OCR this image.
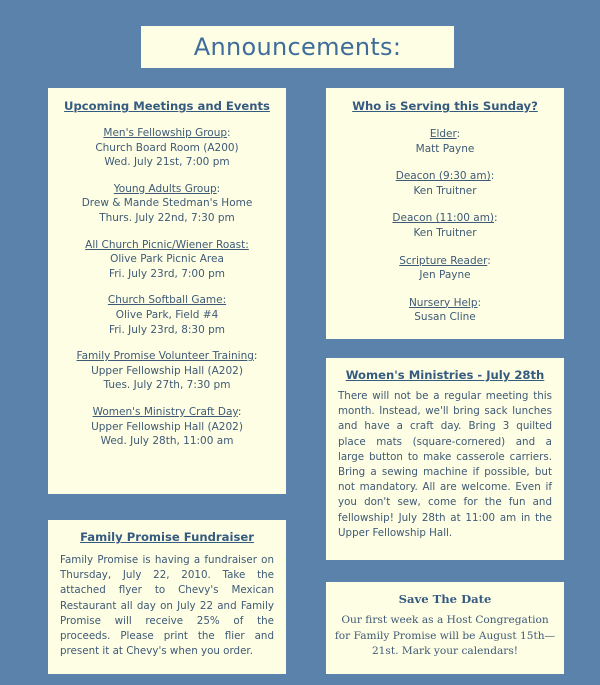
Announcements:
Upcoming Meetings and Events
Men's Fellowship Group:
Church Board Room (A200)
Wed. July 21st, 7:00 pm
Young Adults Group:
Drew & Mande Stedman's Home
Thurs. July 22nd, 7:30 pm
All Church Picnic/Wiener Roast:
Olive Park Picnic Area
Fri. July 23rd, 7:00 pm
Church Softball Game:
Olive Park, Field #4
Fri. July 23rd, 8:30 pm
Family Promise Volunteer Training:
Upper Fellowship Hall (A202)
Tues. July 27th, 7:30 pm
Women's Ministry Craft Day:
Upper Fellowship Hall (A202)
Wed. July 28th, 11:00 am
Who is Serving this Sunday?
Elder:
Matt Payne
Deacon (9:30 am):
Ken Truitner
Deacon (11:00 am):
Ken Truitner
Scripture Reader:
Jen Payne
Nursery Help:
Susan Cline
Women's Ministries - July 28th

There will not be a regular meeting this month. Instead, we'll bring sack lunches and have a craft day. Bring 3 quilted place mats (square-cornered) and a large button to make casserole carriers. Bring a sewing machine if possible, but not mandatory. All are welcome. Even if you don't sew, come for the fun and fellowship! July 28th at 11:00 am in the Upper Fellowship Hall.

Family Promise Fundraiser

Family Promise is having a fundraiser on Thursday, July 22, 2010. Take the attached flyer to Chevy's Mexican Restaurant all day on July 22 and Family Promise will receive 25% of the proceeds. Please print the flier and present it at Chevy's when you order.

Save The Date

Our first week as a Host Congregation for Family Promise will be August 15th—21st. Mark your calendars!
